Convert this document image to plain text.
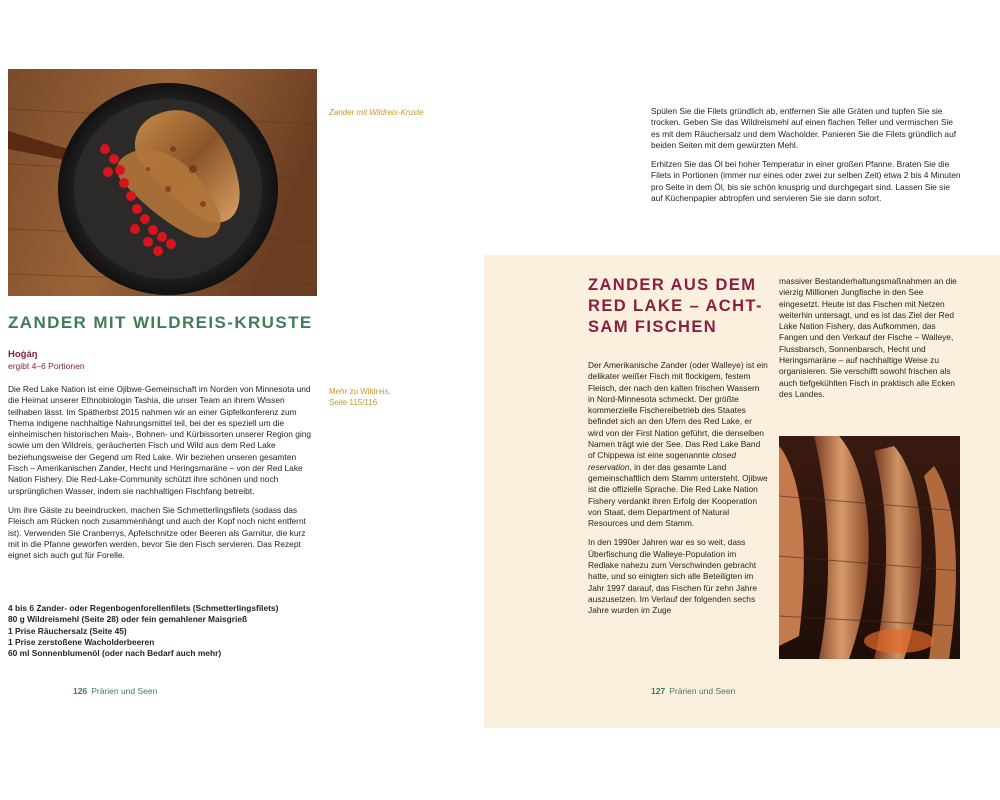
Zander mit Wildreis-Kruste
ZANDER MIT WILDREIS-KRUSTE
Hoġáŋ
ergibt 4–6 Portionen
Mehr zu Wildreis,
Seite 115/116

Die Red Lake Nation ist eine Ojibwe-Gemeinschaft im Norden von Minnesota und die Heimat unserer Ethnobiologin Tashia, die unser Team an ihrem Wissen teilhaben lässt. Im Spätherbst 2015 nahmen wir an einer Gipfelkonferenz zum Thema indigene nachhaltige Nahrungsmittel teil, bei der es speziell um die einheimischen historischen Mais-, Bohnen- und Kürbissorten unserer Region ging sowie um den Wildreis, geräucherten Fisch und Wild aus dem Red Lake beziehungsweise der Gegend um Red Lake. Wir beziehen unseren gesamten Fisch – Amerikanischen Zander, Hecht und Heringsmaräne – von der Red Lake Nation Fishery. Die Red-Lake-Community schützt ihre schönen und noch ursprünglichen Wasser, indem sie nachhaltigen Fischfang betreibt.

Um ihre Gäste zu beeindrucken, machen Sie Schmetterlingsfilets (sodass das Fleisch am Rücken noch zusammenhängt und auch der Kopf noch nicht entfernt ist). Verwenden Sie Cranberrys, Apfelschnitze oder Beeren als Garnitur, die kurz mit in die Pfanne geworfen werden, bevor Sie den Fisch servieren. Das Rezept eignet sich auch gut für Forelle.

4 bis 6 Zander- oder Regenbogenforellenfilets (Schmetterlingsfilets)
80 g Wildreismehl (Seite 28) oder fein gemahlener Maisgrieß
1 Prise Räuchersalz (Seite 45)
1 Prise zerstoßene Wacholderbeeren
60 ml Sonnenblumenöl (oder nach Bedarf auch mehr)
126 Prärien und Seen

Spülen Sie die Filets gründlich ab, entfernen Sie alle Gräten und tupfen Sie sie trocken. Geben Sie das Wildreismehl auf einen flachen Teller und vermischen Sie es mit dem Räuchersalz und dem Wacholder. Panieren Sie die Filets gründlich auf beiden Seiten mit dem gewürzten Mehl.

Erhitzen Sie das Öl bei hoher Temperatur in einer großen Pfanne. Braten Sie die Filets in Portionen (immer nur eines oder zwei zur selben Zeit) etwa 2 bis 4 Minuten pro Seite in dem Öl, bis sie schön knusprig und durchgegart sind. Lassen Sie sie auf Küchenpapier abtropfen und servieren Sie sie dann sofort.

ZANDER AUS DEM
RED LAKE – ACHT-
SAM FISCHEN

Der Amerikanische Zander (oder Walleye) ist ein delikater weißer Fisch mit flockigem, festem Fleisch, der nach den kalten frischen Wassern in Nord-Minnesota schmeckt. Der größte kommerzielle Fischereibetrieb des Staates befindet sich an den Ufern des Red Lake, er wird von der First Nation geführt, die denselben Namen trägt wie der See. Das Red Lake Band of Chippewa ist eine sogenannte closed reservation, in der das gesamte Land gemeinschaftlich dem Stamm untersteht. Ojibwe ist die offizielle Sprache. Die Red Lake Nation Fishery verdankt ihren Erfolg der Kooperation von Staat, dem Department of Natural Resources und dem Stamm.

In den 1990er Jahren war es so weit, dass Überfischung die Walleye-Population im Redlake nahezu zum Verschwinden gebracht hatte, und so einigten sich alle Beteiligten im Jahr 1997 darauf, das Fischen für zehn Jahre auszusetzen. Im Verlauf der folgenden sechs Jahre wurden im Zuge

massiver Bestanderhaltungsmaßnahmen an die vierzig Millionen Jungfische in den See eingesetzt. Heute ist das Fischen mit Netzen weiterhin untersagt, und es ist das Ziel der Red Lake Nation Fishery, das Aufkommen, das Fangen und den Verkauf der Fische – Walleye, Flussbarsch, Sonnenbarsch, Hecht und Heringsmaräne – auf nachhaltige Weise zu organisieren. Sie verschifft sowohl frischen als auch tiefgekühlten Fisch in praktisch alle Ecken des Landes.

127 Prärien und Seen
